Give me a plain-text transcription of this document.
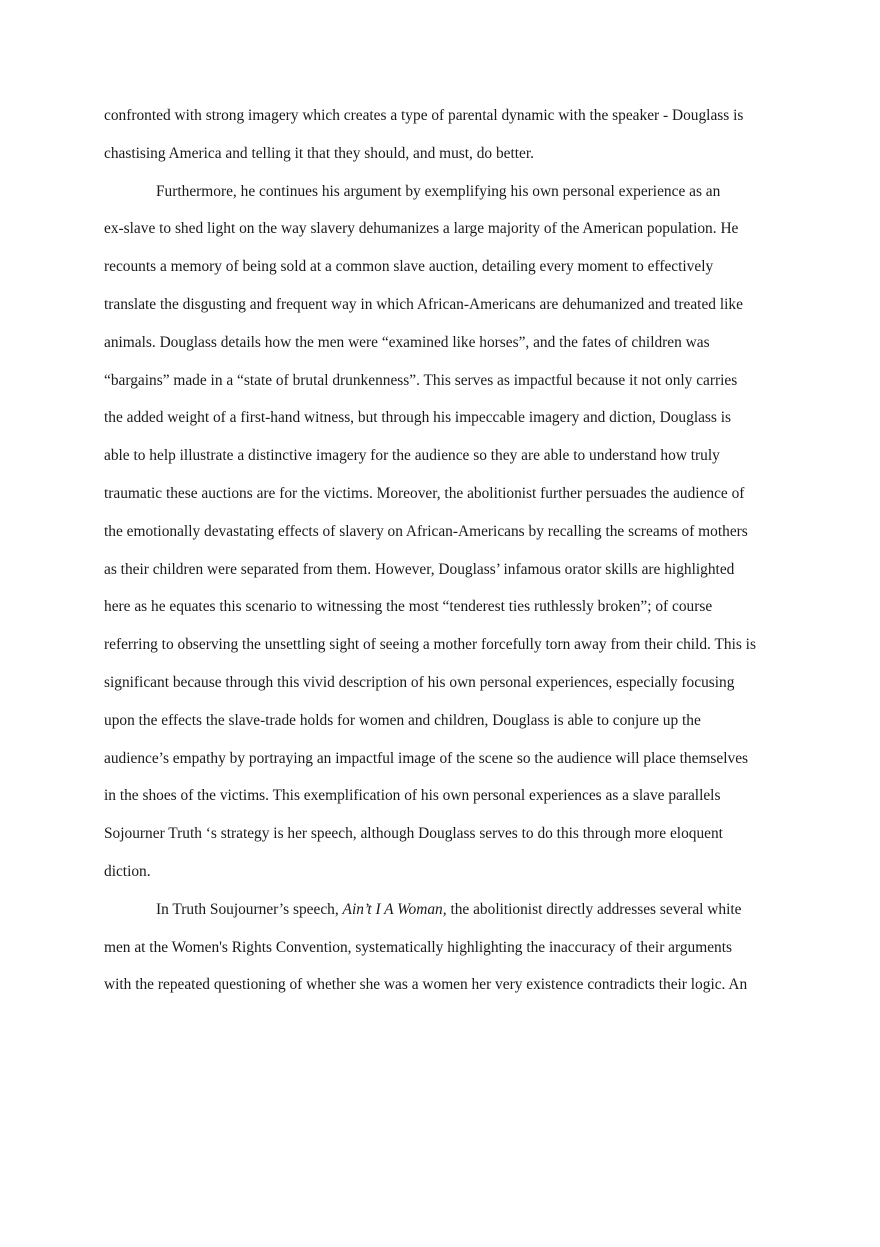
confronted with strong imagery which creates a type of parental dynamic with the speaker - Douglass is
chastising America and telling it that they should, and must, do better.

Furthermore, he continues his argument by exemplifying his own personal experience as an
ex-slave to shed light on the way slavery dehumanizes a large majority of the American population. He
recounts a memory of being sold at a common slave auction, detailing every moment to effectively
translate the disgusting and frequent way in which African-Americans are dehumanized and treated like
animals. Douglass details how the men were “examined like horses”, and the fates of children was
“bargains” made in a “state of brutal drunkenness”. This serves as impactful because it not only carries
the added weight of a first-hand witness, but through his impeccable imagery and diction, Douglass is
able to help illustrate a distinctive imagery for the audience so they are able to understand how truly
traumatic these auctions are for the victims. Moreover, the abolitionist further persuades the audience of
the emotionally devastating effects of slavery on African-Americans by recalling the screams of mothers
as their children were separated from them. However, Douglass’ infamous orator skills are highlighted
here as he equates this scenario to witnessing the most “tenderest ties ruthlessly broken”; of course
referring to observing the unsettling sight of seeing a mother forcefully torn away from their child. This is
significant because through this vivid description of his own personal experiences, especially focusing
upon the effects the slave-trade holds for women and children, Douglass is able to conjure up the
audience’s empathy by portraying an impactful image of the scene so the audience will place themselves
in the shoes of the victims. This exemplification of his own personal experiences as a slave parallels
Sojourner Truth ‘s strategy is her speech, although Douglass serves to do this through more eloquent
diction.

In Truth Soujourner’s speech, Ain’t I A Woman, the abolitionist directly addresses several white
men at the Women's Rights Convention, systematically highlighting the inaccuracy of their arguments
with the repeated questioning of whether she was a women her very existence contradicts their logic. An
